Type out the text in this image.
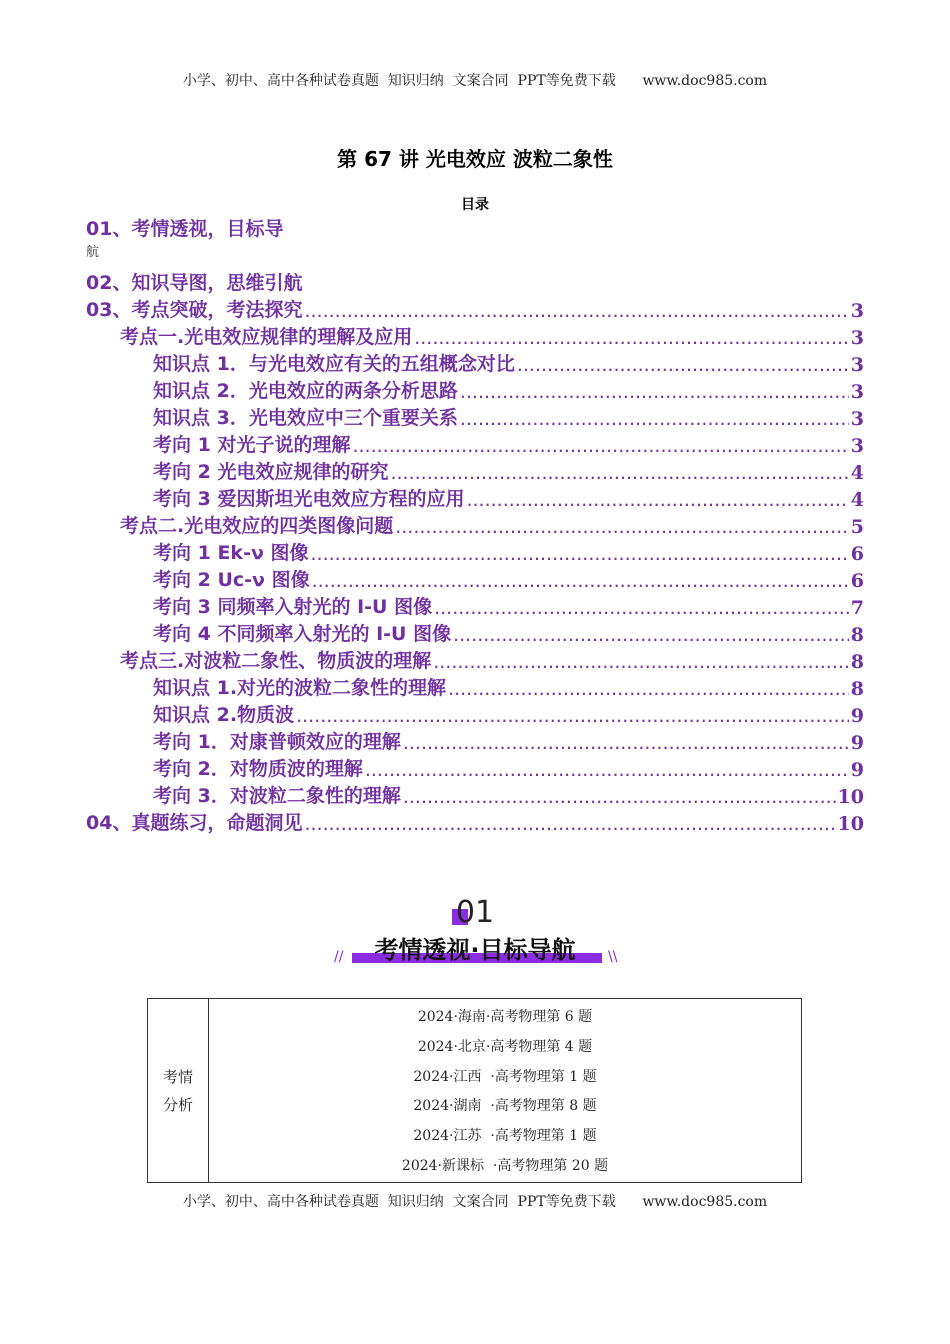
小学、初中、高中各种试卷真题  知识归纳  文案合同  PPT等免费下载      www.doc985.com
第 67 讲 光电效应 波粒二象性
目录
01、考情透视，目标导
航
02、知识导图，思维引航
03、考点突破，考法探究 .....	3
考点一.光电效应规律的理解及应用 .....	3
知识点 1．与光电效应有关的五组概念对比 .....	3
知识点 2．光电效应的两条分析思路 .....	3
知识点 3．光电效应中三个重要关系 .....	3
考向 1 对光子说的理解 .....	3
考向 2 光电效应规律的研究 .....	4
考向 3 爱因斯坦光电效应方程的应用 .....	4
考点二.光电效应的四类图像问题 .....	5
考向 1 Ek-ν 图像 .....	6
考向 2 Uc-ν 图像 .....	6
考向 3 同频率入射光的 I-U 图像 .....	7
考向 4 不同频率入射光的 I-U 图像 .....	8
考点三.对波粒二象性、物质波的理解 .....	8
知识点 1.对光的波粒二象性的理解 .....	8
知识点 2.物质波 .....	9
考向 1．对康普顿效应的理解 .....	9
考向 2．对物质波的理解 .....	9
考向 3．对波粒二象性的理解 .....	10
04、真题练习，命题洞见 .....	10
01
//	\\
考情透视·目标导航
考情
分析
2024·海南·高考物理第 6 题
2024·北京·高考物理第 4 题
2024·江西  ·高考物理第 1 题
2024·湖南  ·高考物理第 8 题
2024·江苏  ·高考物理第 1 题
2024·新课标  ·高考物理第 20 题
小学、初中、高中各种试卷真题  知识归纳  文案合同  PPT等免费下载      www.doc985.com
